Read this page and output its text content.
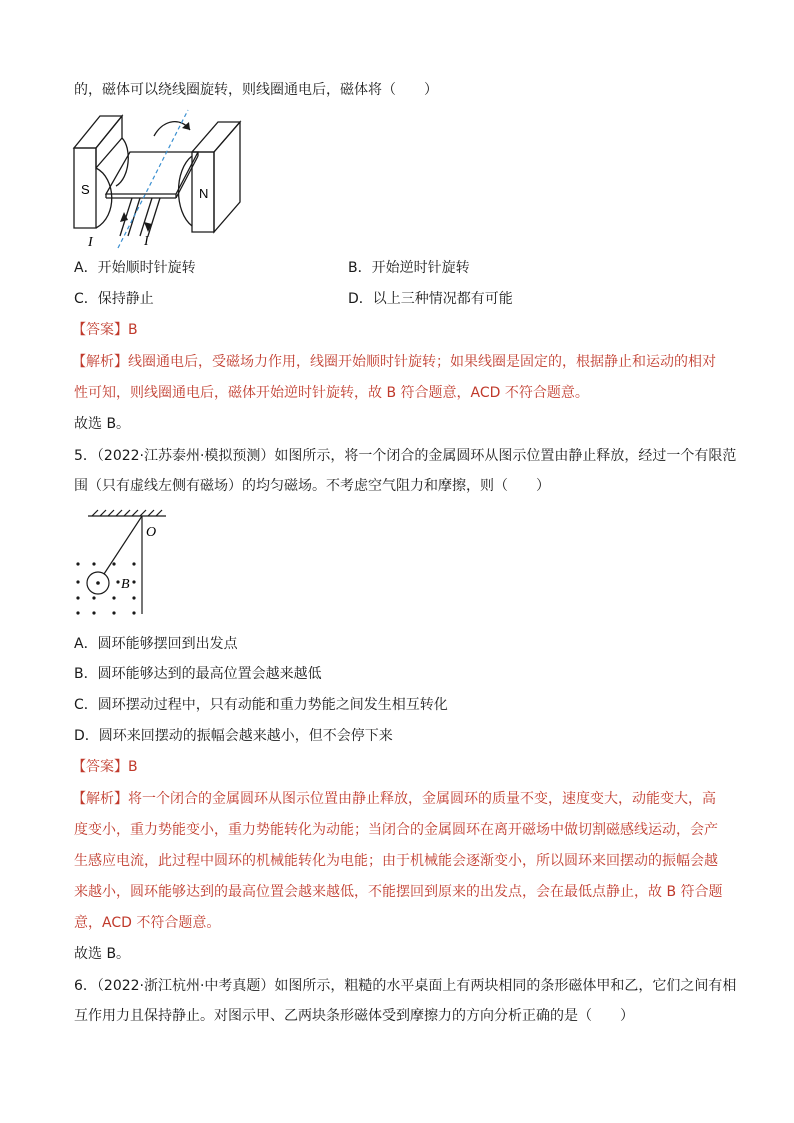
的，磁体可以绕线圈旋转，则线圈通电后，磁体将（　　）
S	N
I	I
A．开始顺时针旋转	B．开始逆时针旋转
C．保持静止	D．以上三种情况都有可能
【答案】B
【解析】线圈通电后，受磁场力作用，线圈开始顺时针旋转；如果线圈是固定的，根据静止和运动的相对
性可知，则线圈通电后，磁体开始逆时针旋转，故 B 符合题意，ACD 不符合题意。
故选 B。
5．（2022·江苏泰州·模拟预测）如图所示，将一个闭合的金属圆环从图示位置由静止释放，经过一个有限范
围（只有虚线左侧有磁场）的均匀磁场。不考虑空气阻力和摩擦，则（　　）
O
B
A．圆环能够摆回到出发点
B．圆环能够达到的最高位置会越来越低
C．圆环摆动过程中，只有动能和重力势能之间发生相互转化
D．圆环来回摆动的振幅会越来越小，但不会停下来
【答案】B
【解析】将一个闭合的金属圆环从图示位置由静止释放，金属圆环的质量不变，速度变大，动能变大，高
度变小，重力势能变小，重力势能转化为动能；当闭合的金属圆环在离开磁场中做切割磁感线运动，会产
生感应电流，此过程中圆环的机械能转化为电能；由于机械能会逐渐变小，所以圆环来回摆动的振幅会越
来越小，圆环能够达到的最高位置会越来越低，不能摆回到原来的出发点，会在最低点静止，故 B 符合题
意，ACD 不符合题意。
故选 B。
6．（2022·浙江杭州·中考真题）如图所示，粗糙的水平桌面上有两块相同的条形磁体甲和乙，它们之间有相
互作用力且保持静止。对图示甲、乙两块条形磁体受到摩擦力的方向分析正确的是（　　）
